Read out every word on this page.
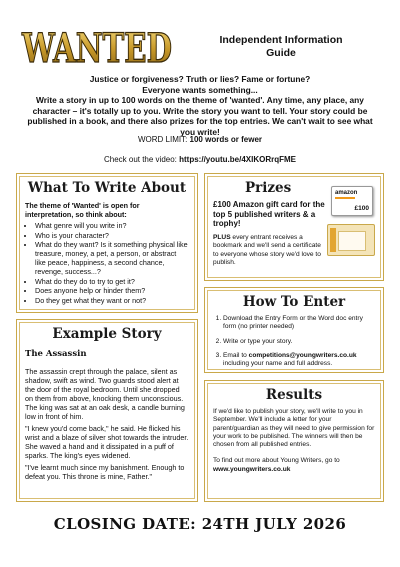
WANTED	Independent Information
Guide

Justice or forgiveness? Truth or lies? Fame or fortune?

Everyone wants something...

Write a story in up to 100 words on the theme of 'wanted'. Any time, any place, any character – it's totally up to you. Write the story you want to tell. Your story could be published in a book, and there also prizes for the top entries. We can't wait to see what you write!

WORD LIMIT: 100 words or fewer
Check out the video: https://youtu.be/4XIKORrqFME
What To Write About
The theme of 'Wanted' is open for interpretation, so think about:
• What genre will you write in?
• Who is your character?
• What do they want? Is it something physical like treasure, money, a pet, a person, or abstract like peace, happiness, a second chance, revenge, success...?
• What do they do to try to get it?
• Does anyone help or hinder them?
• Do they get what they want or not?
Example Story
The Assassin
The assassin crept through the palace, silent as shadow, swift as wind. Two guards stood alert at the door of the royal bedroom. Until she dropped on them from above, knocking them unconscious. The king was sat at an oak desk, a candle burning low in front of him.
"I knew you'd come back," he said. He flicked his wrist and a blaze of silver shot towards the intruder. She waved a hand and it dissipated in a puff of sparks. The king's eyes widened.
"I've learnt much since my banishment. Enough to defeat you. This throne is mine, Father."
Prizes
£100 Amazon gift card for the top 5 published writers & a trophy!
PLUS every entrant receives a bookmark and we'll send a certificate to everyone whose story we'd love to publish.
amazon
£100
How To Enter
1. Download the Entry Form or the Word doc entry form (no printer needed)
2. Write or type your story.
3. Email to competitions@youngwriters.co.uk including your name and full address.
Results
If we'd like to publish your story, we'll write to you in September. We'll include a letter for your parent/guardian as they will need to give permission for your work to be published. The winners will then be chosen from all published entries.
To find out more about Young Writers, go to www.youngwriters.co.uk
CLOSING DATE: 24TH JULY 2026
